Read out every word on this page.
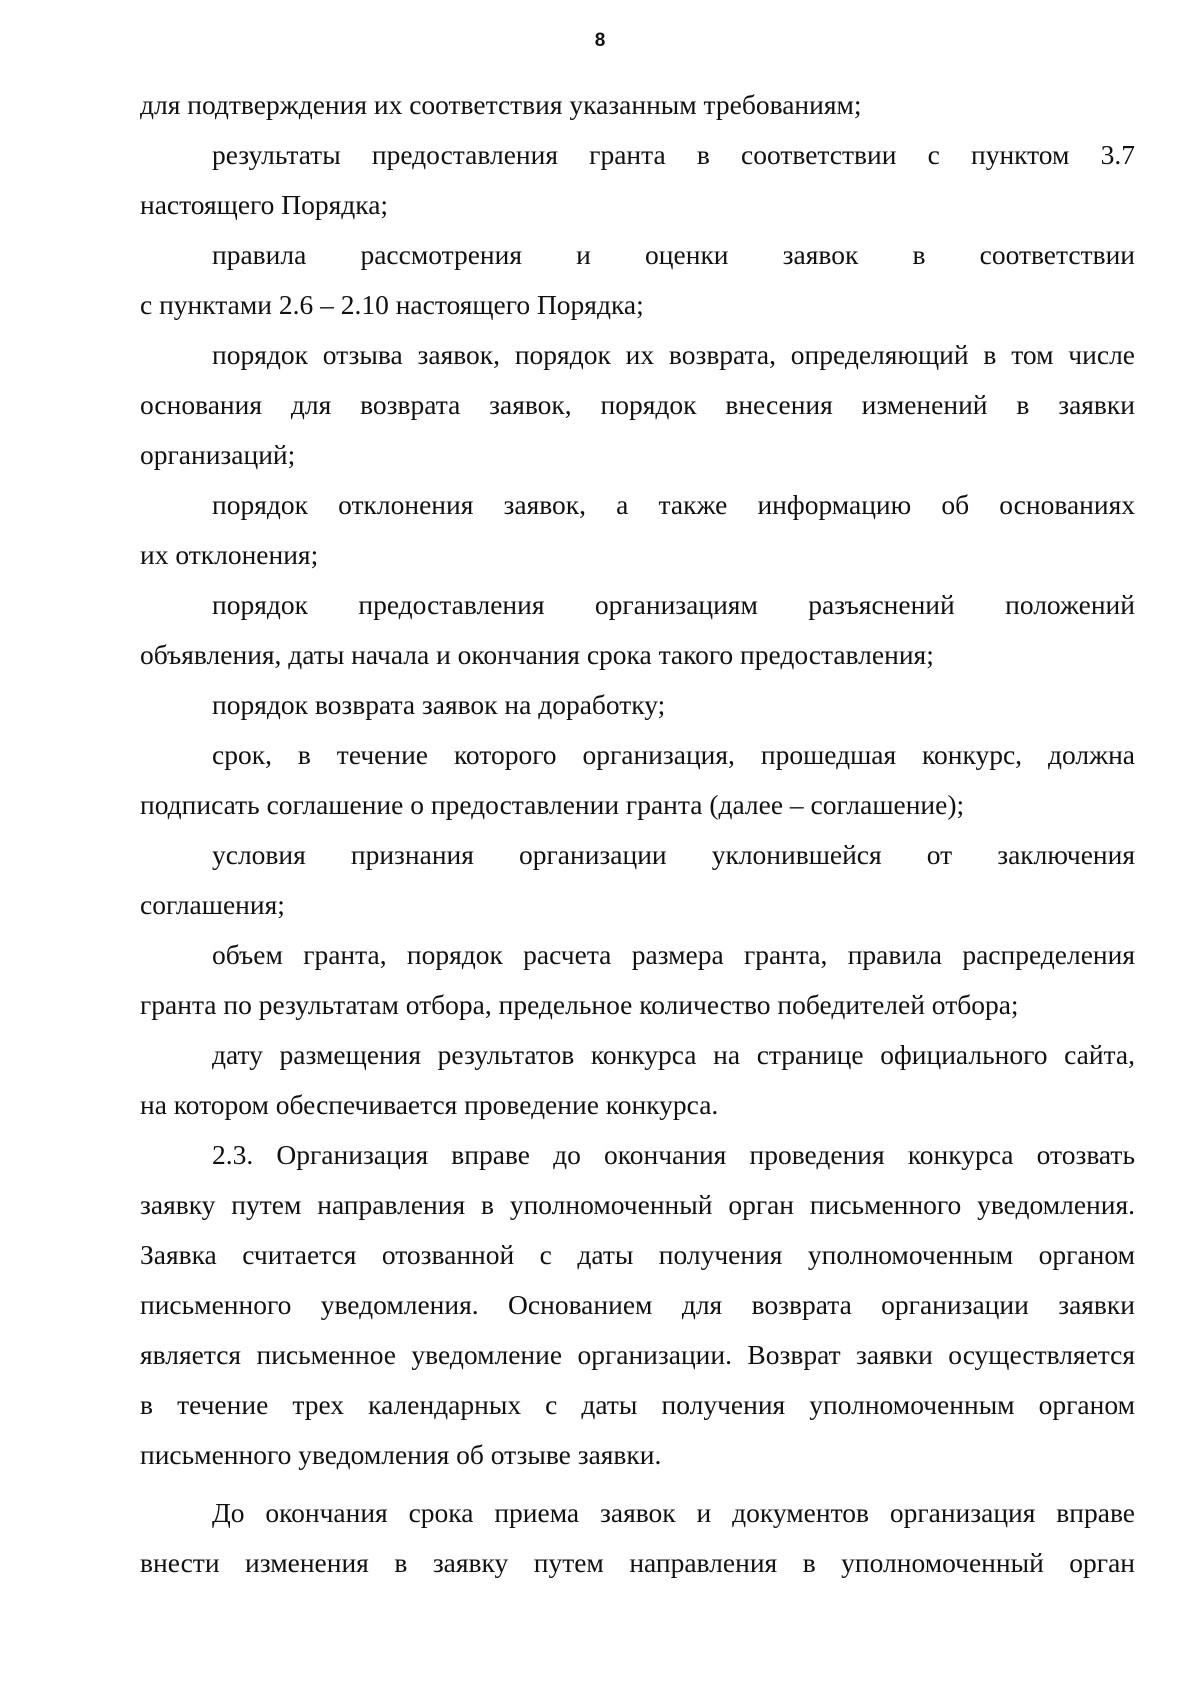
8
для подтверждения их соответствия указанным требованиям;
результаты предоставления гранта в соответствии с пунктом 3.7
настоящего Порядка;
правила рассмотрения и оценки заявок в соответствии
с пунктами 2.6 – 2.10 настоящего Порядка;
порядок отзыва заявок, порядок их возврата, определяющий в том числе
основания для возврата заявок, порядок внесения изменений в заявки
организаций;
порядок отклонения заявок, а также информацию об основаниях
их отклонения;
порядок предоставления организациям разъяснений положений
объявления, даты начала и окончания срока такого предоставления;
порядок возврата заявок на доработку;
срок, в течение которого организация, прошедшая конкурс, должна
подписать соглашение о предоставлении гранта (далее – соглашение);
условия признания организации уклонившейся от заключения
соглашения;
объем гранта, порядок расчета размера гранта, правила распределения
гранта по результатам отбора, предельное количество победителей отбора;
дату размещения результатов конкурса на странице официального сайта,
на котором обеспечивается проведение конкурса.
2.3. Организация вправе до окончания проведения конкурса отозвать
заявку путем направления в уполномоченный орган письменного уведомления.
Заявка считается отозванной с даты получения уполномоченным органом
письменного уведомления. Основанием для возврата организации заявки
является письменное уведомление организации. Возврат заявки осуществляется
в течение трех календарных с даты получения уполномоченным органом
письменного уведомления об отзыве заявки.
До окончания срока приема заявок и документов организация вправе
внести изменения в заявку путем направления в уполномоченный орган
